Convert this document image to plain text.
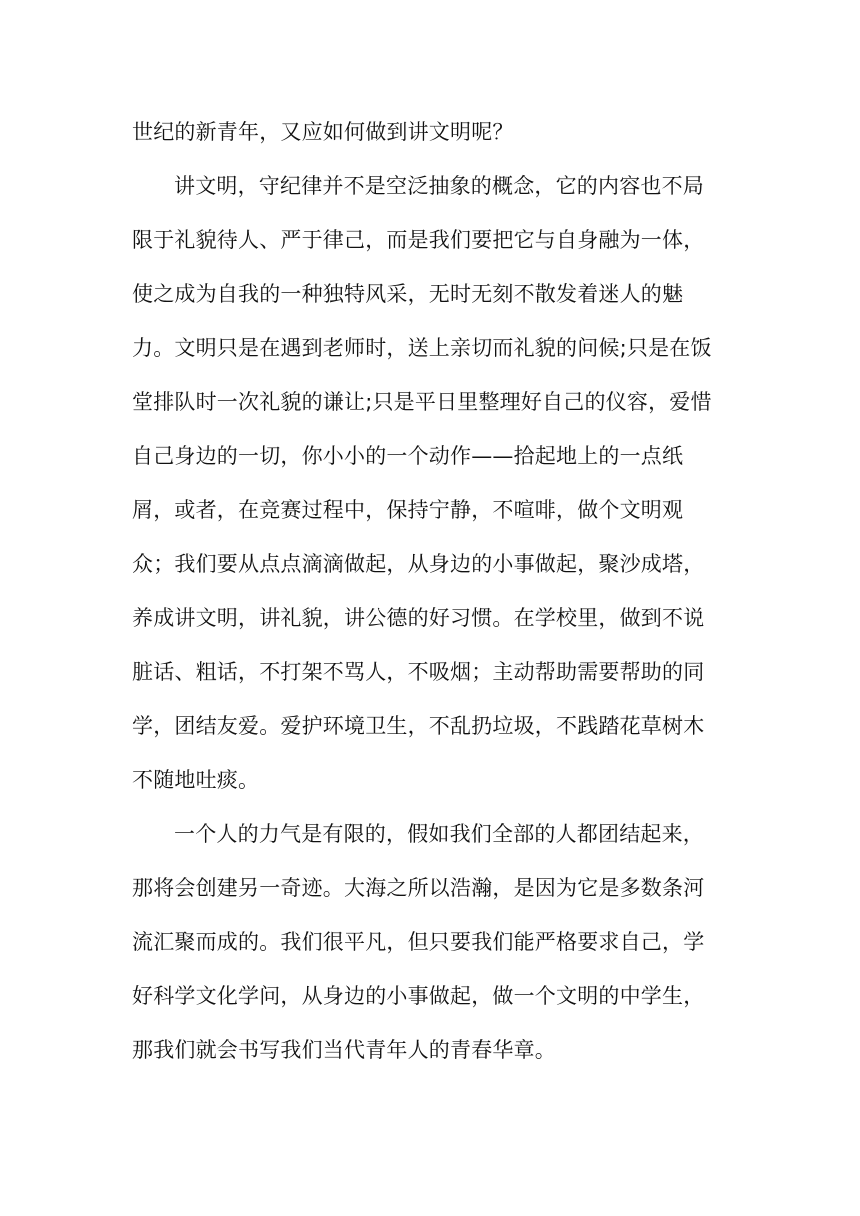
世纪的新青年，又应如何做到讲文明呢？
讲文明，守纪律并不是空泛抽象的概念，它的内容也不局
限于礼貌待人、严于律己，而是我们要把它与自身融为一体，
使之成为自我的一种独特风采，无时无刻不散发着迷人的魅
力。文明只是在遇到老师时，送上亲切而礼貌的问候;只是在饭
堂排队时一次礼貌的谦让;只是平日里整理好自己的仪容，爱惜
自己身边的一切，你小小的一个动作——拾起地上的一点纸
屑，或者，在竞赛过程中，保持宁静，不喧啡，做个文明观
众；我们要从点点滴滴做起，从身边的小事做起，聚沙成塔，
养成讲文明，讲礼貌，讲公德的好习惯。在学校里，做到不说
脏话、粗话，不打架不骂人，不吸烟；主动帮助需要帮助的同
学，团结友爱。爱护环境卫生，不乱扔垃圾，不践踏花草树木
不随地吐痰。
一个人的力气是有限的，假如我们全部的人都团结起来，
那将会创建另一奇迹。大海之所以浩瀚，是因为它是多数条河
流汇聚而成的。我们很平凡，但只要我们能严格要求自己，学
好科学文化学问，从身边的小事做起，做一个文明的中学生，
那我们就会书写我们当代青年人的青春华章。
